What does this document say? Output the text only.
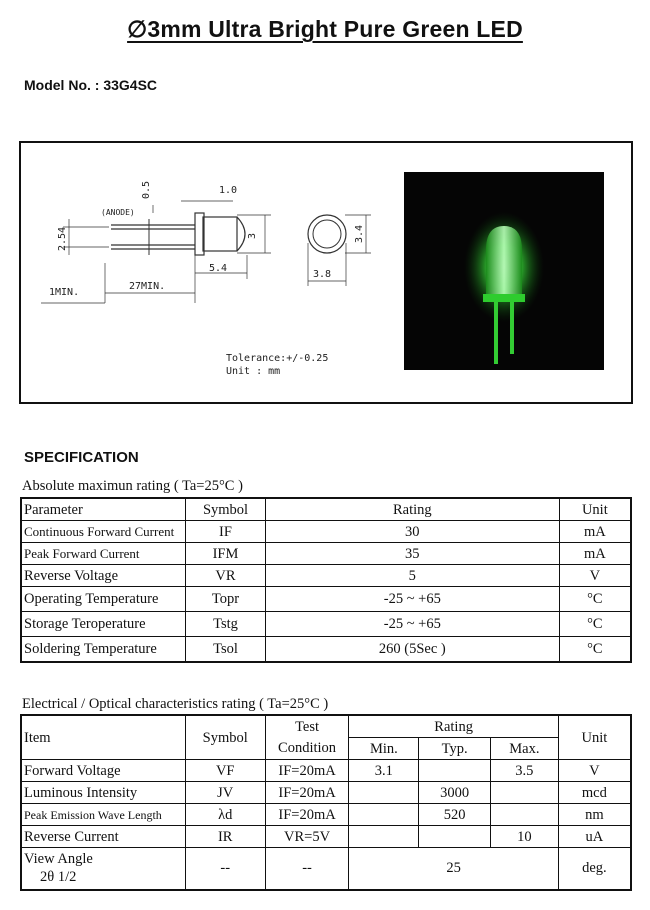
∅3mm Ultra Bright Pure Green LED
Model No. : 33G4SC
(ANODE)
0.5	1.0
2.54
27MIN.
5.4
3
1MIN.
3.8
3.4
Tolerance:+/-0.25
Unit : mm
SPECIFICATION
Absolute maximun rating ( Ta=25°C )
Parameter	Symbol	Rating	Unit
Continuous Forward Current	IF	30	mA
Peak Forward Current	IFM	35	mA
Reverse Voltage	VR	5	V
Operating Temperature	Topr	-25 ~ +65	°C
Storage Teroperature	Tstg	-25 ~ +65	°C
Soldering Temperature	Tsol	260 (5Sec )	°C
Electrical / Optical characteristics rating ( Ta=25°C )
Item	Symbol	Test	Rating			Unit
		Condition	Min.	Typ.	Max.	
Forward Voltage	VF	IF=20mA	3.1		3.5	V
Luminous Intensity	JV	IF=20mA		3000		mcd
Peak Emission Wave Length	λd	IF=20mA		520		nm
Reverse Current	IR	VR=5V			10	uA

View Angle
2θ 1/2	--	--	25			deg.
